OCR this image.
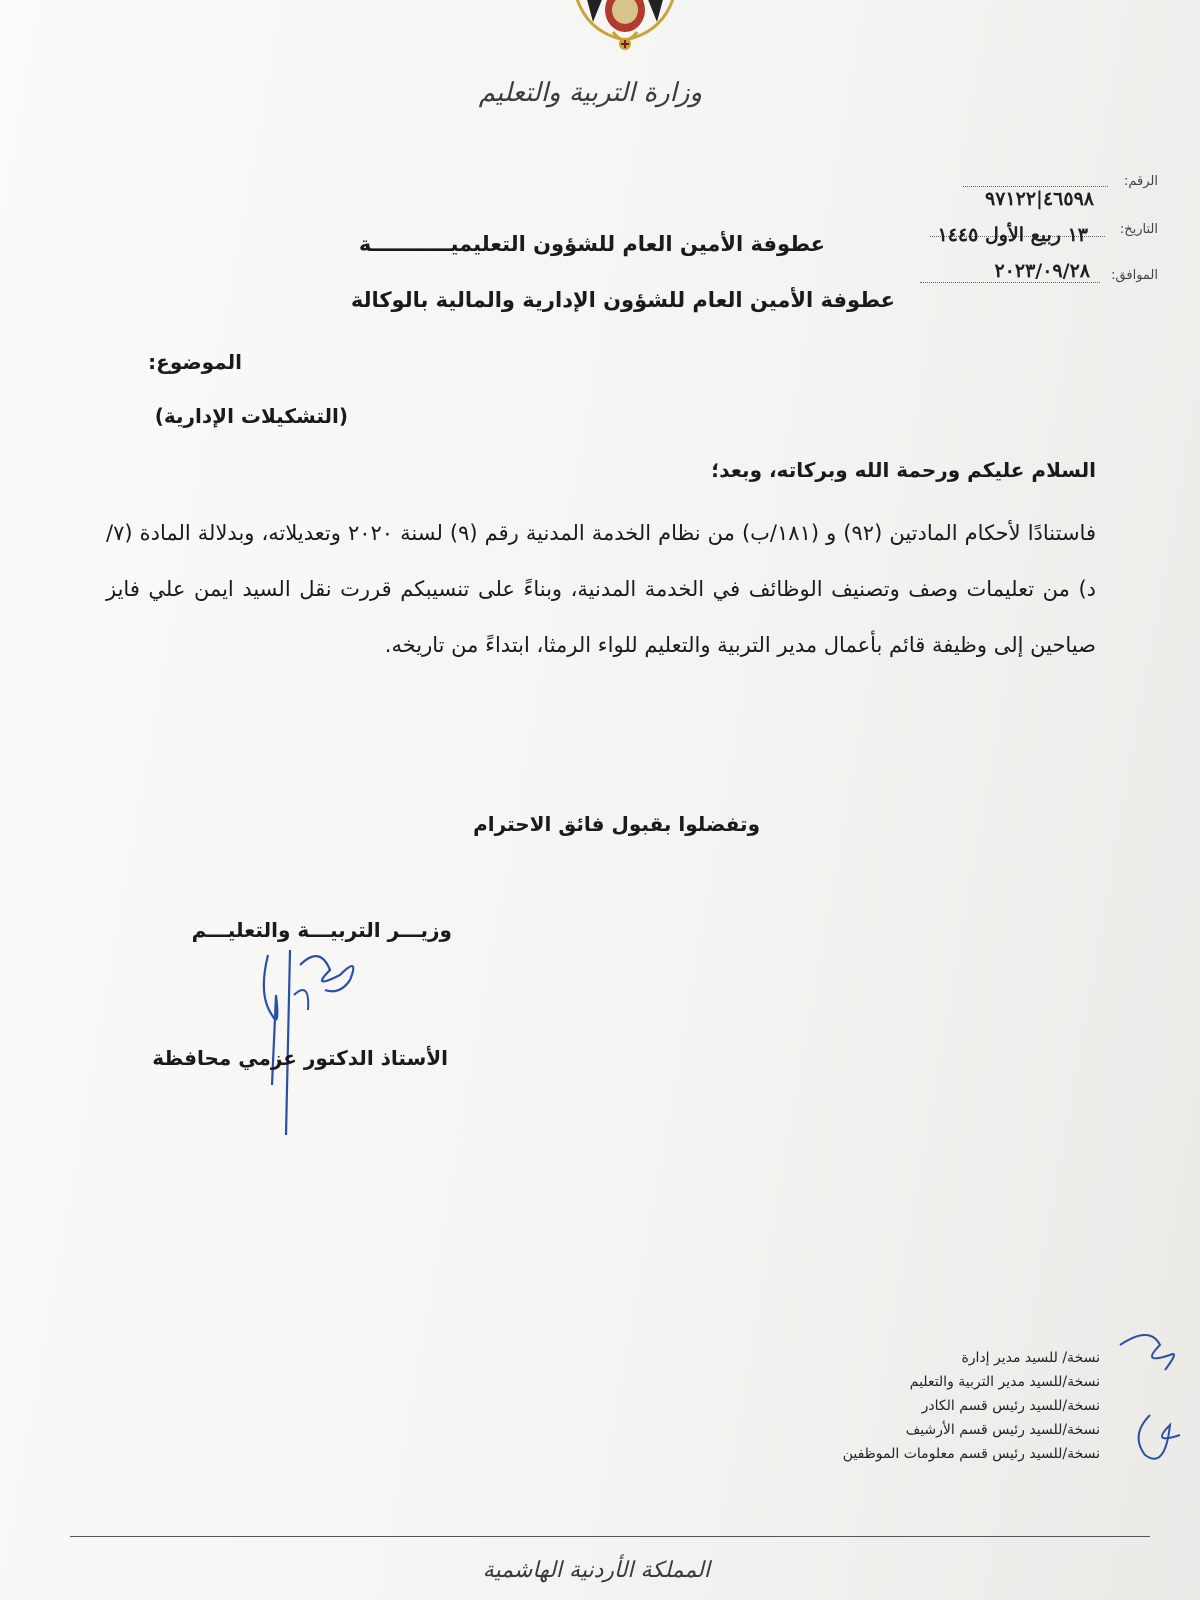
وزارة التربية والتعليم
الرقم:
٤٦٥٩٨|٩٧١٢٢
التاريخ:
١٣ ربيع الأول ١٤٤٥
الموافق:
٢٠٢٣/٠٩/٢٨
عطوفة الأمين العام للشؤون التعليميـــــــــــة
عطوفة الأمين العام للشؤون الإدارية والمالية بالوكالة
الموضوع:
(التشكيلات الإدارية)
السلام عليكم ورحمة الله وبركاته، وبعد؛
فاستنادًا لأحكام المادتين (٩٢) و (١٨١/ب) من نظام الخدمة المدنية رقم (٩) لسنة ٢٠٢٠ وتعديلاته، وبدلالة المادة (٧/د) من تعليمات وصف وتصنيف الوظائف في الخدمة المدنية، وبناءً على تنسيبكم قررت نقل السيد ايمن علي فايز صياحين إلى وظيفة قائم بأعمال مدير التربية والتعليم للواء الرمثا، ابتداءً من تاريخه.
وتفضلوا بقبول فائق الاحترام
وزيـــر التربيـــة والتعليـــم
الأستاذ الدكتور عزمي محافظة
نسخة/ للسيد مدير إدارة
نسخة/للسيد مدير التربية والتعليم
نسخة/للسيد رئيس قسم الكادر
نسخة/للسيد رئيس قسم الأرشيف
نسخة/للسيد رئيس قسم معلومات الموظفين
المملكة الأردنية الهاشمية
